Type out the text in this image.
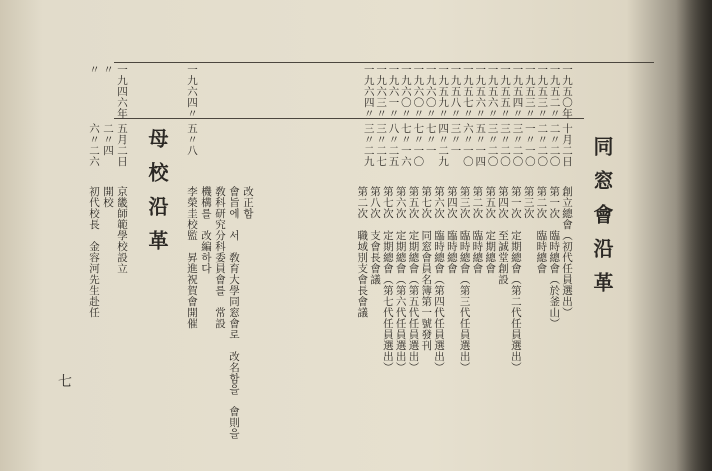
同窓會沿革
一九五〇年
一九五二〃
一九五三〃
一九五三〃
一九五四〃
一九五五〃
一九五六〃
一九五六〃
一九五七〃
一九五八〃
一九五九〃
一九六〇〃
一九六〇〃
一九六〇〃
一九六一〃
一九六三〃
一九六四〃
十月二日
二〃二〇
二〃二〇
一〃一〇
三〃二〇
三〃二〇
三〃二〇
五〃一四
六〃一〇
三〃一
四〃二九
七〃一
七〃一〇
七〃一六
八〃二五
三〃二七
三〃二九
創立總會（初代任員選出）
第一次　臨時總會（於釜山）
第二次　臨時總會
第三次　
第一次　定期總會（第二代任員選出）
第四次　至誠堂創設
第五次　定期總會
第二次　臨時總會
第三次　臨時總會（第三代任員選出）
第四次　臨時總會
第六次　臨時總會（第四代任員選出）
第七次　同窓會員名簿第一號發刊
第五次　定期總會（第五代任員選出）
第六次　定期總會（第六代任員選出）
第七次　定期總會（第七代任員選出）
第八次　支會長會議
第二次　職域別支會長會議
一九六四〃
五〃八
李榮圭校監　昇進祝賀會開催 機構를　改編하다 敎科研究分科委員會를　常設 會旨에　서　敎育大學同窓會로　改名함을　會則을 改正함
母校沿革
一九四六年
〃
〃
五月二日
二〃四
六〃二六
京畿師範學校設立
開校
初代校長　金容河先生赴任
七
